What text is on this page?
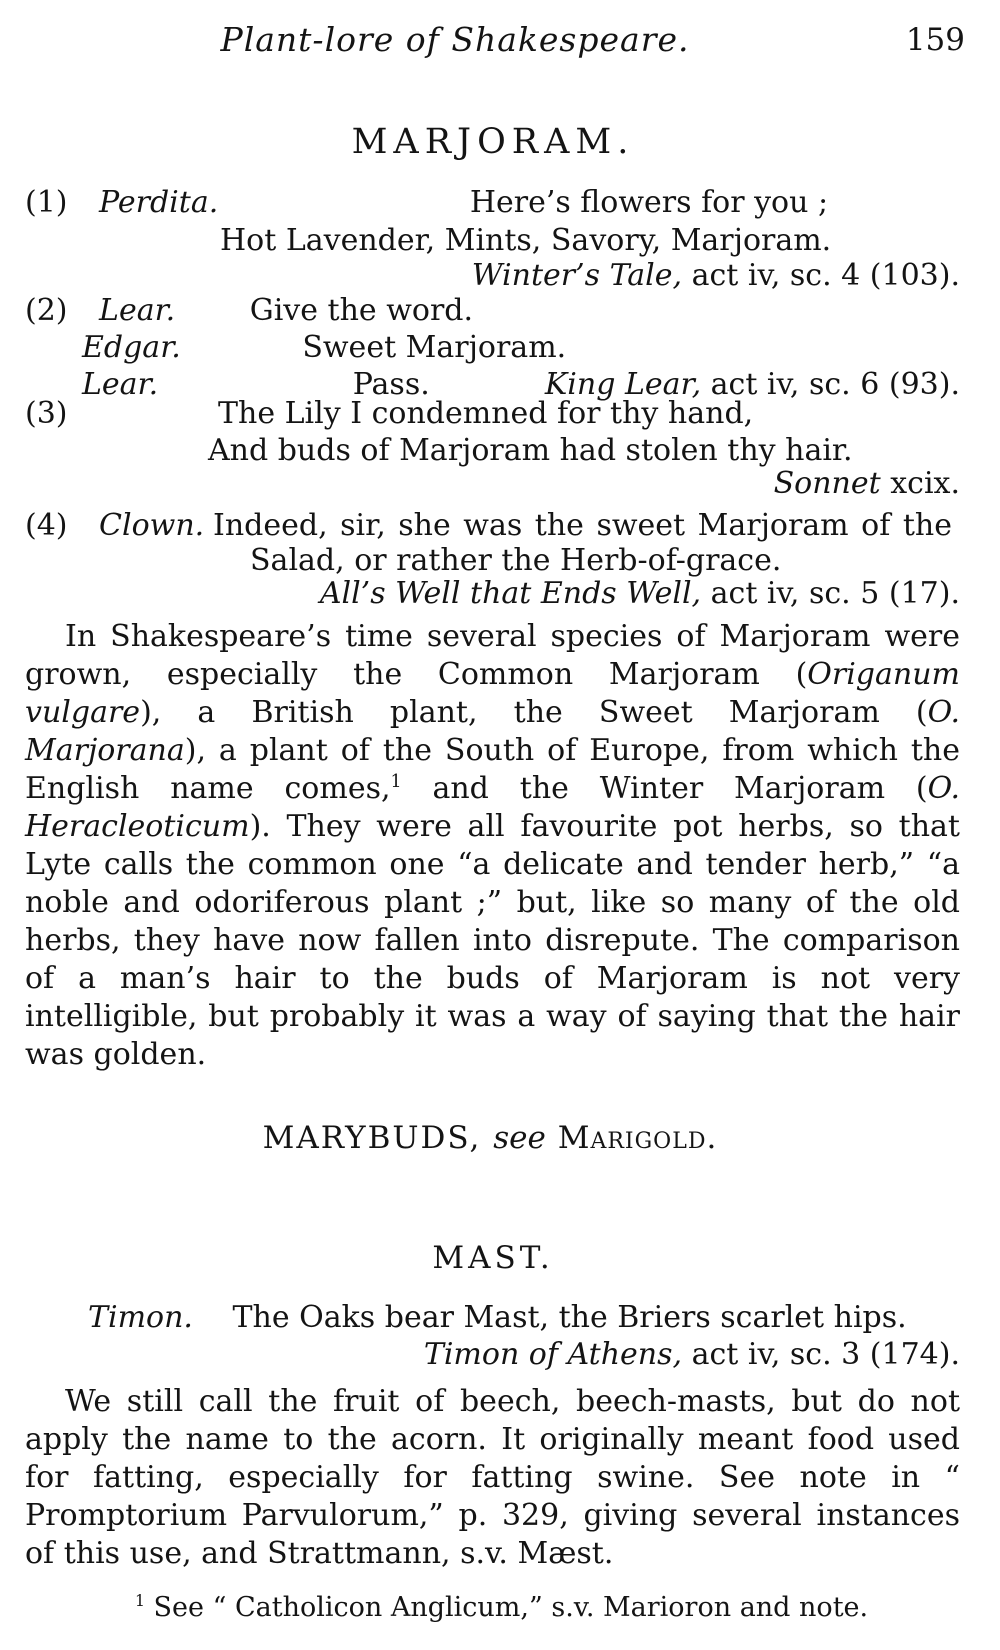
Plant-lore of Shakespeare.	159
MARJORAM.
(1) Perdita.	Here’s flowers for you ;
Hot Lavender, Mints, Savory, Marjoram.
Winter’s Tale, act iv, sc. 4 (103).
(2) Lear. Give the word.
Edgar.	Sweet Marjoram.
Lear.	Pass.	King Lear, act iv, sc. 6 (93).
(3)	The Lily I condemned for thy hand,
And buds of Marjoram had stolen thy hair.
Sonnet xcix.
(4) Clown. Indeed, sir, she was the sweet Marjoram of the
Salad, or rather the Herb-of-grace.
All’s Well that Ends Well, act iv, sc. 5 (17).
In Shakespeare’s time several species of Marjoram were grown, especially the Common Marjoram (Origanum vulgare), a British plant, the Sweet Marjoram (O. Marjorana), a plant of the South of Europe, from which the English name comes,$^1$ and the Winter Marjoram (O. Heracleoticum). They were all favourite pot herbs, so that Lyte calls the common one “a delicate and tender herb,” “a noble and odoriferous plant ;” but, like so many of the old herbs, they have now fallen into disrepute. The comparison of a man’s hair to the buds of Marjoram is not very intelligible, but probably it was a way of saying that the hair was golden.
MARYBUDS, see Marigold.
MAST.
Timon. The Oaks bear Mast, the Briers scarlet hips.
Timon of Athens, act iv, sc. 3 (174).
We still call the fruit of beech, beech-masts, but do not apply the name to the acorn. It originally meant food used for fatting, especially for fatting swine. See note in “ Promptorium Parvulorum,” p. 329, giving several instances of this use, and Strattmann, s.v. Mæst.
$^1$ See “ Catholicon Anglicum,” s.v. Marioron and note.
